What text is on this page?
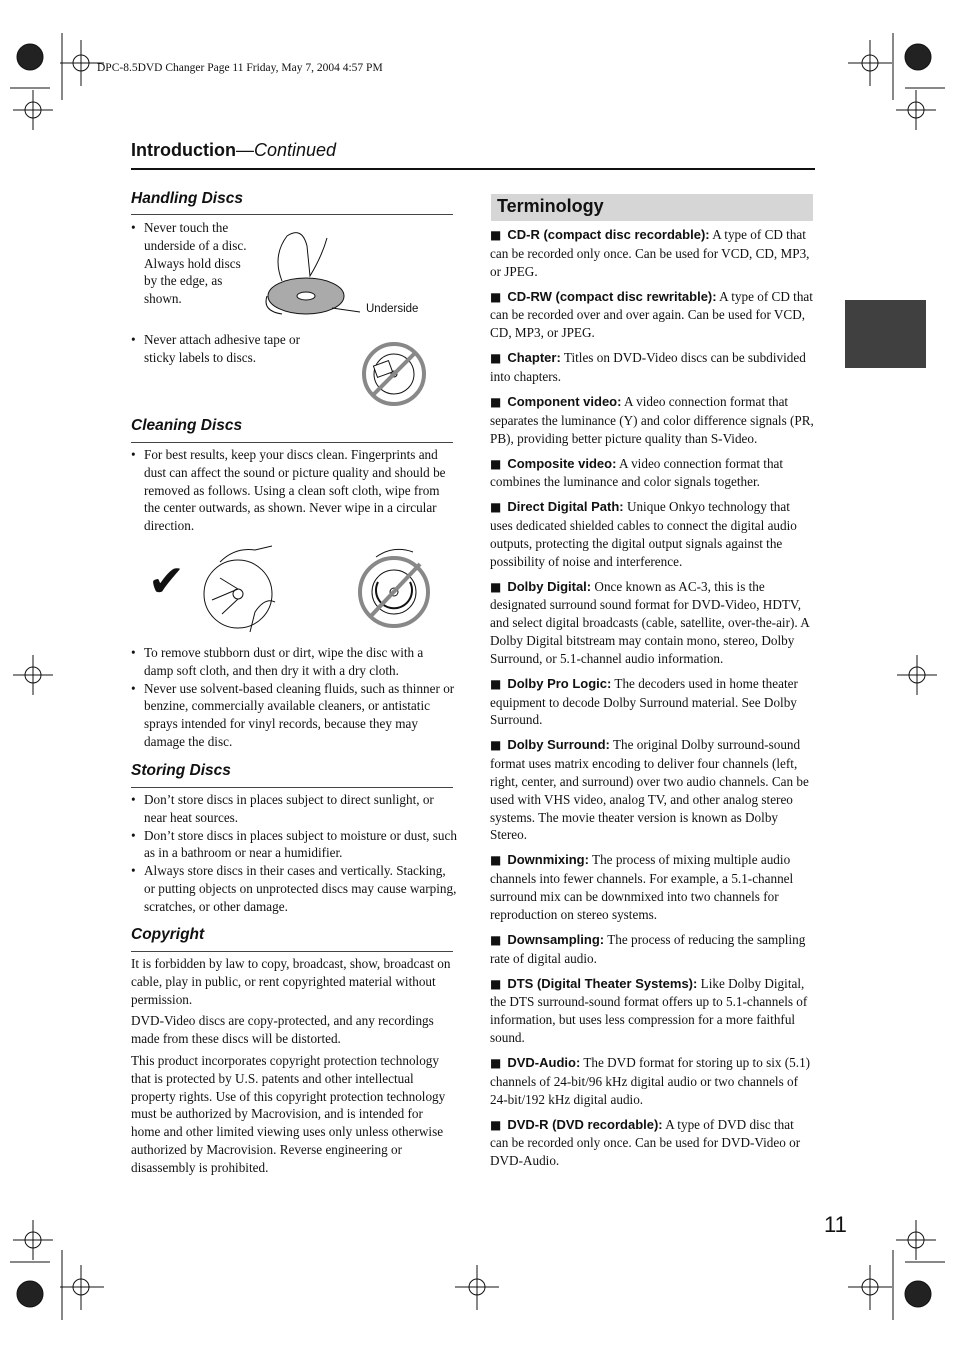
DPC-8.5DVD Changer Page 11 Friday, May 7, 2004 4:57 PM
Introduction—Continued
Handling Discs
• Never touch the underside of a disc. Always hold discs by the edge, as shown.
Underside
• Never attach adhesive tape or sticky labels to discs.
Cleaning Discs
• For best results, keep your discs clean. Fingerprints and dust can affect the sound or picture quality and should be removed as follows. Using a clean soft cloth, wipe from the center outwards, as shown. Never wipe in a circular direction.
✔
• To remove stubborn dust or dirt, wipe the disc with a damp soft cloth, and then dry it with a dry cloth.
• Never use solvent-based cleaning fluids, such as thinner or benzine, commercially available cleaners, or antistatic sprays intended for vinyl records, because they may damage the disc.
Storing Discs
• Don’t store discs in places subject to direct sunlight, or near heat sources.
• Don’t store discs in places subject to moisture or dust, such as in a bathroom or near a humidifier.
• Always store discs in their cases and vertically. Stacking, or putting objects on unprotected discs may cause warping, scratches, or other damage.
Copyright

It is forbidden by law to copy, broadcast, show, broadcast on cable, play in public, or rent copyrighted material without permission.

DVD-Video discs are copy-protected, and any recordings made from these discs will be distorted.

This product incorporates copyright protection technology that is protected by U.S. patents and other intellectual property rights. Use of this copyright protection technology must be authorized by Macrovision, and is intended for home and other limited viewing uses only unless otherwise authorized by Macrovision. Reverse engineering or disassembly is prohibited.

Terminology

■ CD-R (compact disc recordable): A type of CD that can be recorded only once. Can be used for VCD, CD, MP3, or JPEG.

■ CD-RW (compact disc rewritable): A type of CD that can be recorded over and over again. Can be used for VCD, CD, MP3, or JPEG.

■ Chapter: Titles on DVD-Video discs can be subdivided into chapters.

■ Component video: A video connection format that separates the luminance (Y) and color difference signals (PR, PB), providing better picture quality than S-Video.

■ Composite video: A video connection format that combines the luminance and color signals together.

■ Direct Digital Path: Unique Onkyo technology that uses dedicated shielded cables to connect the digital audio outputs, protecting the digital output signals against the possibility of noise and interference.

■ Dolby Digital: Once known as AC-3, this is the designated surround sound format for DVD-Video, HDTV, and select digital broadcasts (cable, satellite, over-the-air). A Dolby Digital bitstream may contain mono, stereo, Dolby Surround, or 5.1-channel audio information.

■ Dolby Pro Logic: The decoders used in home theater equipment to decode Dolby Surround material. See Dolby Surround.

■ Dolby Surround: The original Dolby surround-sound format uses matrix encoding to deliver four channels (left, right, center, and surround) over two audio channels. Can be used with VHS video, analog TV, and other analog stereo systems. The movie theater version is known as Dolby Stereo.

■ Downmixing: The process of mixing multiple audio channels into fewer channels. For example, a 5.1-channel surround mix can be downmixed into two channels for reproduction on stereo systems.

■ Downsampling: The process of reducing the sampling rate of digital audio.

■ DTS (Digital Theater Systems): Like Dolby Digital, the DTS surround-sound format offers up to 5.1-channels of information, but uses less compression for a more faithful sound.

■ DVD-Audio: The DVD format for storing up to six (5.1) channels of 24-bit/96 kHz digital audio or two channels of 24-bit/192 kHz digital audio.

■ DVD-R (DVD recordable): A type of DVD disc that can be recorded only once. Can be used for DVD-Video or DVD-Audio.

11
